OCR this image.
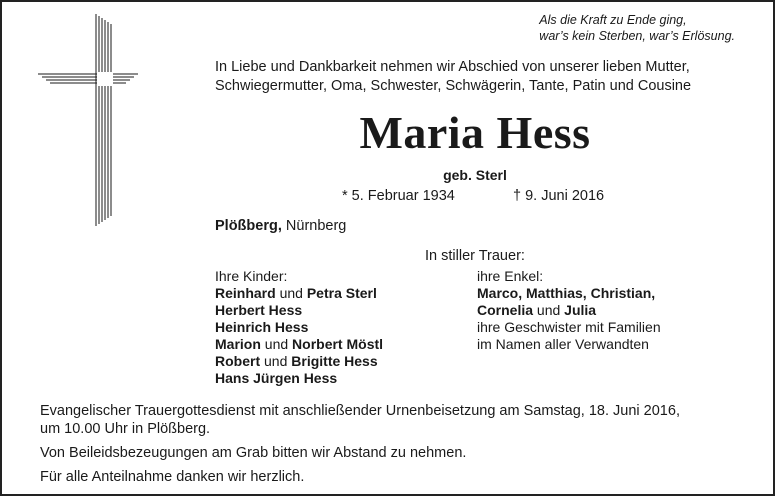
Als die Kraft zu Ende ging,
war’s kein Sterben, war’s Erlösung.
In Liebe und Dankbarkeit nehmen wir Abschied von unserer lieben Mutter,
Schwiegermutter, Oma, Schwester, Schwägerin, Tante, Patin und Cousine
Maria Hess
geb. Sterl
* 5. Februar 1934	† 9. Juni 2016
Plößberg, Nürnberg
In stiller Trauer:
Ihre Kinder:
Reinhard und Petra Sterl
Herbert Hess
Heinrich Hess
Marion und Norbert Möstl
Robert und Brigitte Hess
Hans Jürgen Hess
ihre Enkel:
Marco, Matthias, Christian,
Cornelia und Julia
ihre Geschwister mit Familien
im Namen aller Verwandten
Evangelischer Trauergottesdienst mit anschließender Urnenbeisetzung am Samstag, 18. Juni 2016,
um 10.00 Uhr in Plößberg.
Von Beileidsbezeugungen am Grab bitten wir Abstand zu nehmen.
Für alle Anteilnahme danken wir herzlich.
